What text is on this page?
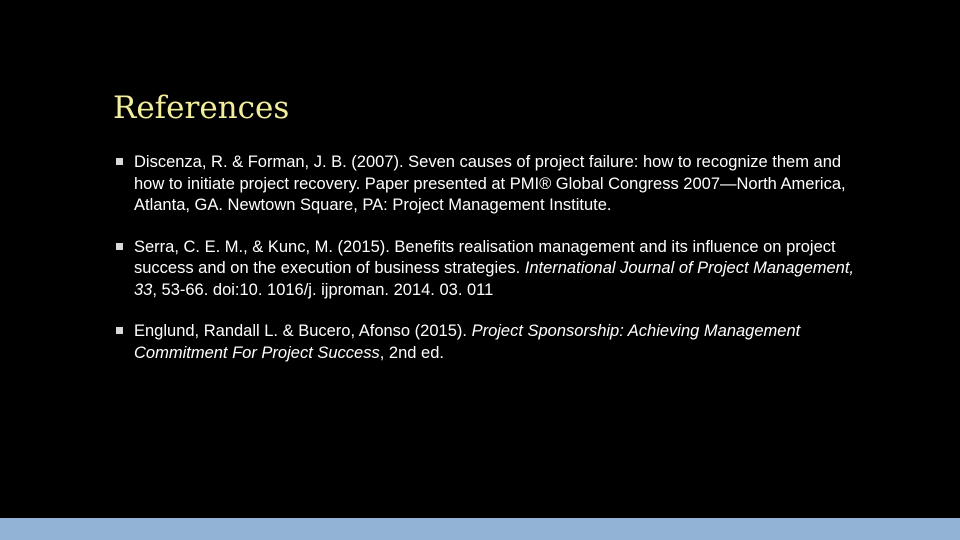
References
Discenza, R. & Forman, J. B. (2007). Seven causes of project failure: how to recognize them and how to initiate project recovery. Paper presented at PMI® Global Congress 2007—North America, Atlanta, GA. Newtown Square, PA: Project Management Institute.
Serra, C. E. M., & Kunc, M. (2015). Benefits realisation management and its influence on project success and on the execution of business strategies. International Journal of Project Management, 33, 53-66. doi:10. 1016/j. ijproman. 2014. 03. 011
Englund, Randall L. & Bucero, Afonso (2015). Project Sponsorship: Achieving Management Commitment For Project Success, 2nd ed.
